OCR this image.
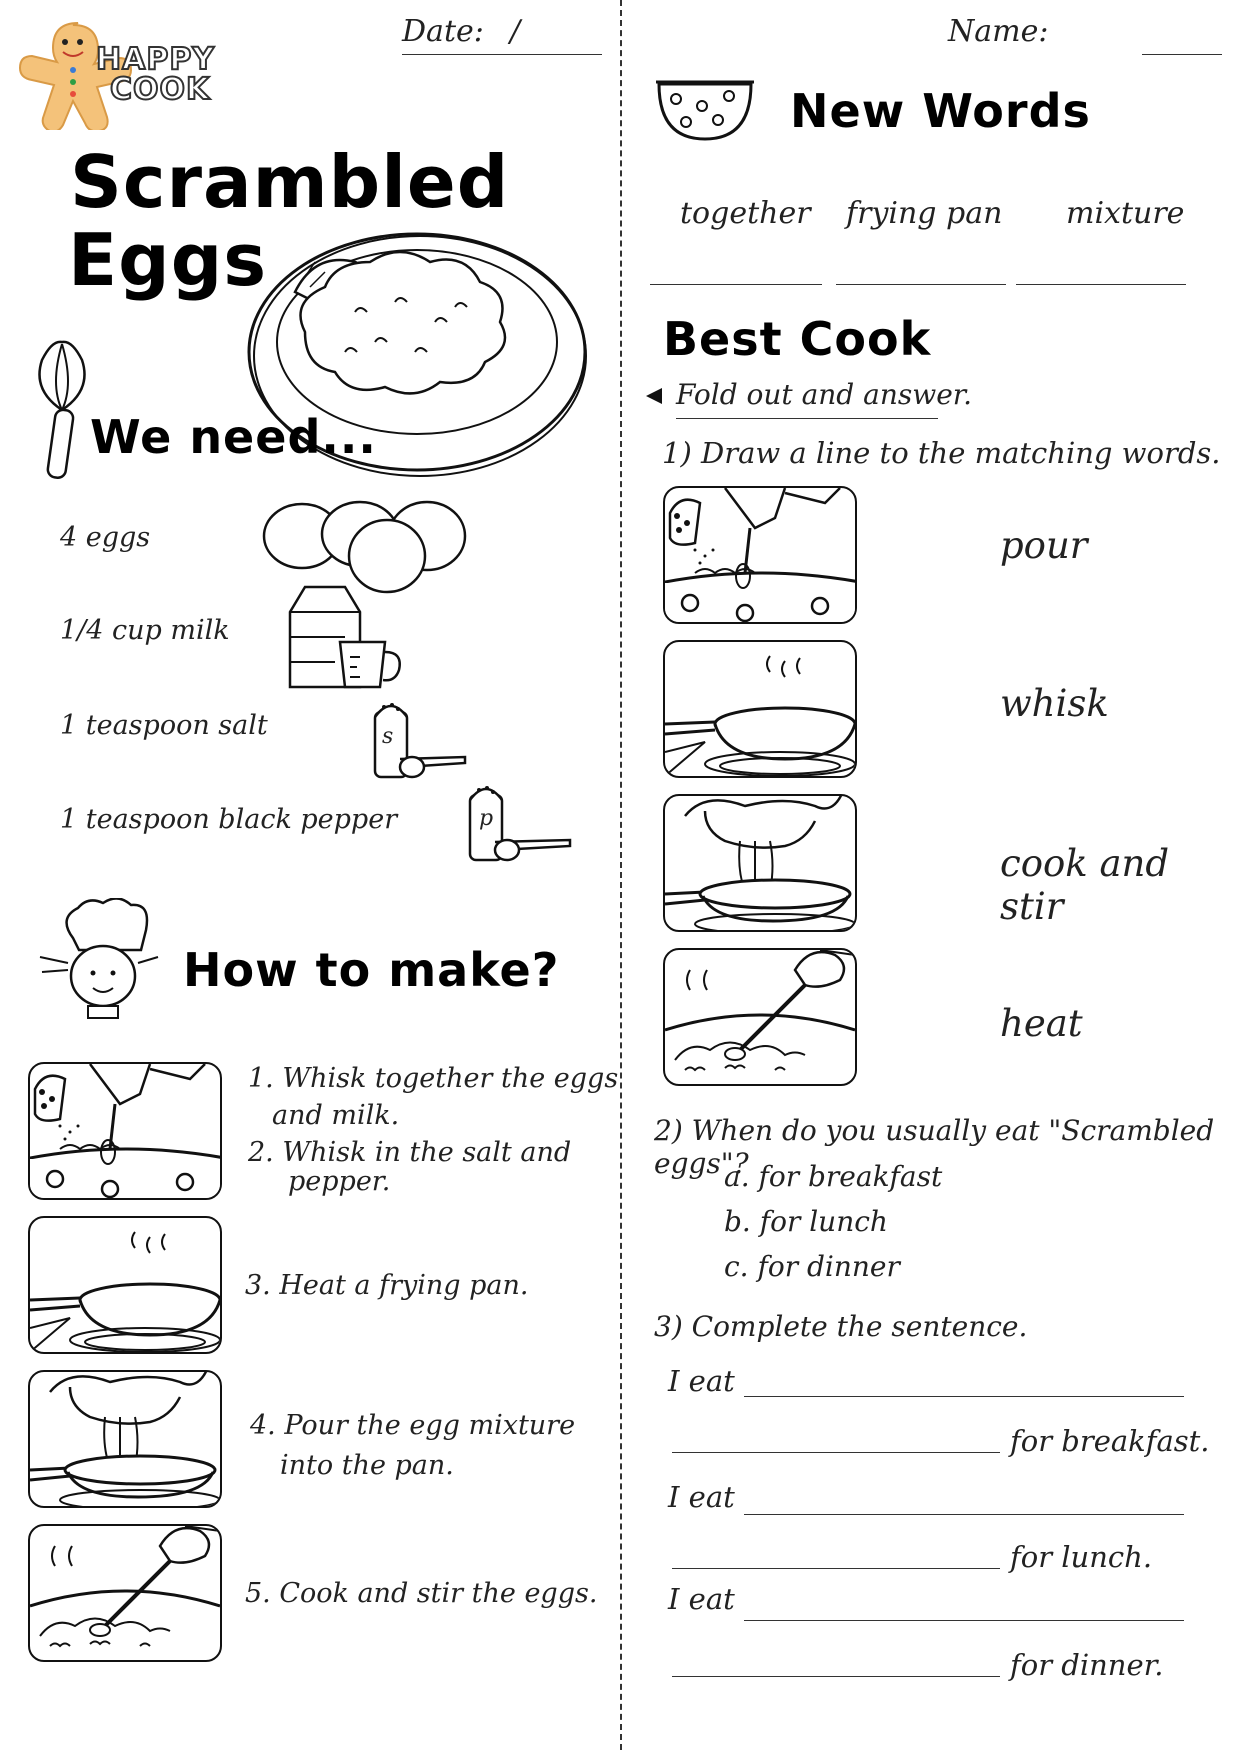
HAPPY
COOK
Date: /
Scrambled
Eggs
We need...
4 eggs
1/4 cup milk
1 teaspoon salt
1 teaspoon black pepper
s
p
How to make?
1. Whisk together the eggs
and milk.
2. Whisk in the salt and
pepper.
3. Heat a frying pan.
4. Pour the egg mixture
into the pan.
5. Cook and stir the eggs.
Name:
New Words
together frying pan mixture
Best Cook
Fold out and answer.
1) Draw a line to the matching words.
pour
whisk
cook and stir
heat
2) When do you usually eat "Scrambled eggs"?
a. for breakfast
b. for lunch
c. for dinner
3) Complete the sentence.
I eat
for breakfast.
I eat
for lunch.
I eat
for dinner.
